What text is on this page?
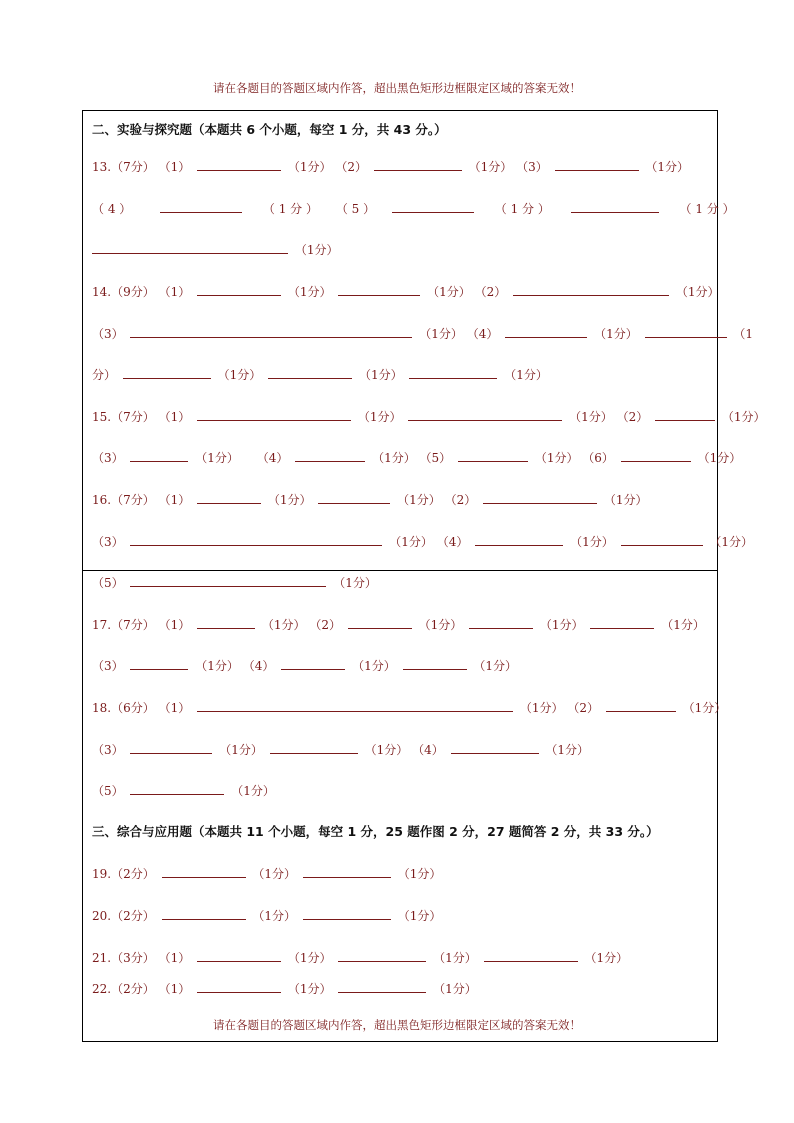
请在各题目的答题区域内作答，超出黑色矩形边框限定区域的答案无效！
二、实验与探究题（本题共 6 个小题，每空 1 分，共 43 分。）
13.（7分） （1）	（1分） （2）	（1分） （3）	（1分）
（ 4 ）	（ 1 分 ） （ 5 ）	（ 1 分 ）	（ 1 分 ）
（1分）
14.（9分） （1）	（1分）	（1分） （2）	（1分）
（3）	（1分） （4）	（1分）	（1
分）	（1分）	（1分）	（1分）
15.（7分） （1）	（1分）	（1分） （2）	（1分）
（3）	（1分） （4）	（1分） （5）	（1分） （6）	（1分）
16.（7分） （1）	（1分）	（1分） （2）	（1分）
（3）	（1分） （4）	（1分）	（1分）
（5）	（1分）
17.（7分） （1）	（1分） （2）	（1分）	（1分）	（1分）
（3）	（1分） （4）	（1分）	（1分）
18.（6分） （1）	（1分） （2）	（1分）
（3）	（1分）	（1分） （4）	（1分）
（5）	（1分）
三、综合与应用题（本题共 11 个小题，每空 1 分，25 题作图 2 分，27 题简答 2 分，共 33 分。）
19.（2分）	（1分）	（1分）
20.（2分）	（1分）	（1分）
21.（3分） （1）	（1分）	（1分）	（1分）
22.（2分） （1）	（1分）	（1分）
请在各题目的答题区域内作答，超出黑色矩形边框限定区域的答案无效！
